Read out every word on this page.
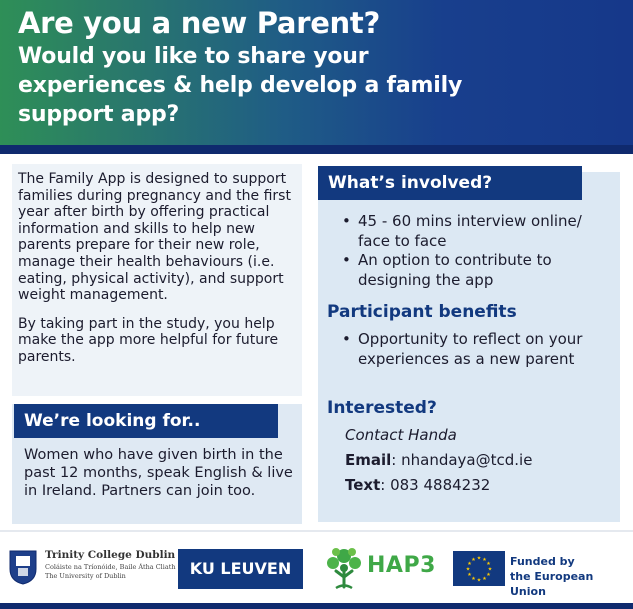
Are you a new Parent?
Would you like to share your experiences & help develop a family support app?

The Family App is designed to support families during pregnancy and the first year after birth by offering practical information and skills to help new parents prepare for their new role, manage their health behaviours (i.e. eating, physical activity), and support weight management.

By taking part in the study, you help make the app more helpful for future parents.

We’re looking for..
Women who have given birth in the past 12 months, speak English & live in Ireland. Partners can join too.
What’s involved?
• 45 - 60 mins interview online/ face to face
• An option to contribute to designing the app
Participant benefits
• Opportunity to reflect on your experiences as a new parent
Interested?
Contact Handa
Email: nhandaya@tcd.ie
Text: 083 4884232
Trinity College Dublin
Coláiste na Tríonóide, Baile Átha Cliath
The University of Dublin	KU LEUVEN	HAP3	★ ★
★
★
★
★
★
★
★
★
★
★	Funded by
the European Union
